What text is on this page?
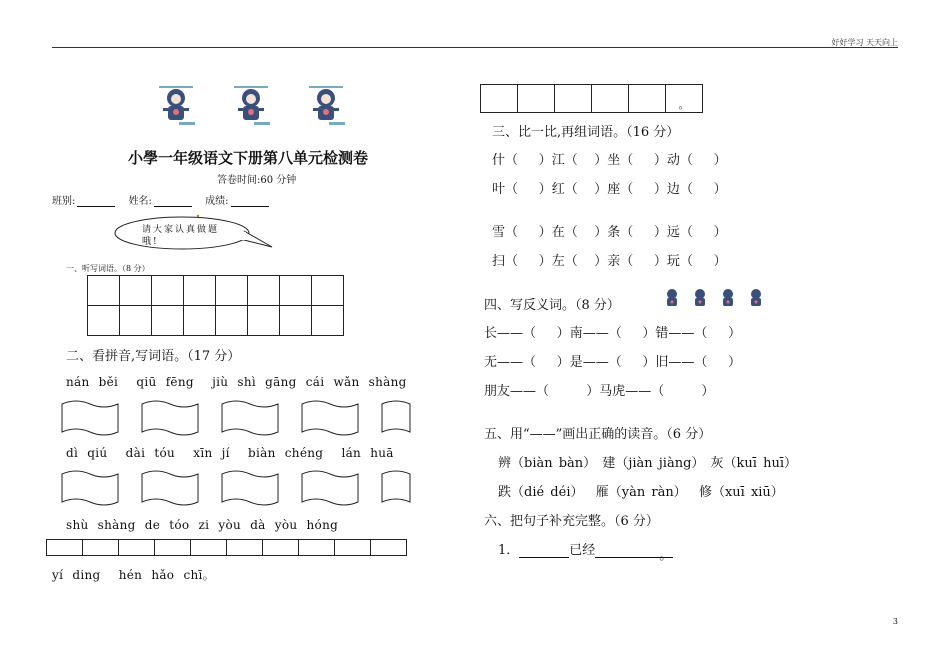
好好学习 天天向上
小學一年级语文下册第八单元检测卷
答卷时间:60 分钟
班别:	姓名:	成绩:
请大家认真做题哦!
一、听写词语。（8 分）

二、看拼音,写词语。（17 分）
nán běi qiū fēng jiù shì gāng cái wǎn shàng
dì qiú dài tóu xīn jí biàn chéng lán huā
shù shàng de tóo zi yòu dà yòu hóng

yí ding hén hǎo chī。
					。
三、比一比,再组词语。（16 分）
什（     ）江（    ）坐（     ）动（     ）
叶（     ）红（    ）座（     ）边（     ）
雪（     ）在（    ）条（     ）远（     ）
扫（     ）左（    ）亲（     ）玩（     ）
四、写反义词。（8 分）
长——（     ）南——（     ）错——（     ）
无——（     ）是——（     ）旧——（     ）
朋友——（         ）马虎——（         ）
五、用“——”画出正确的读音。（6 分）
辨（biàn bàn） 建（jiàn jiàng） 灰（kuī huī）
跌（dié déi） 雁（yàn ràn） 修（xuī xiū）
六、把句子补充完整。（6 分）
1．	已经	。
3
